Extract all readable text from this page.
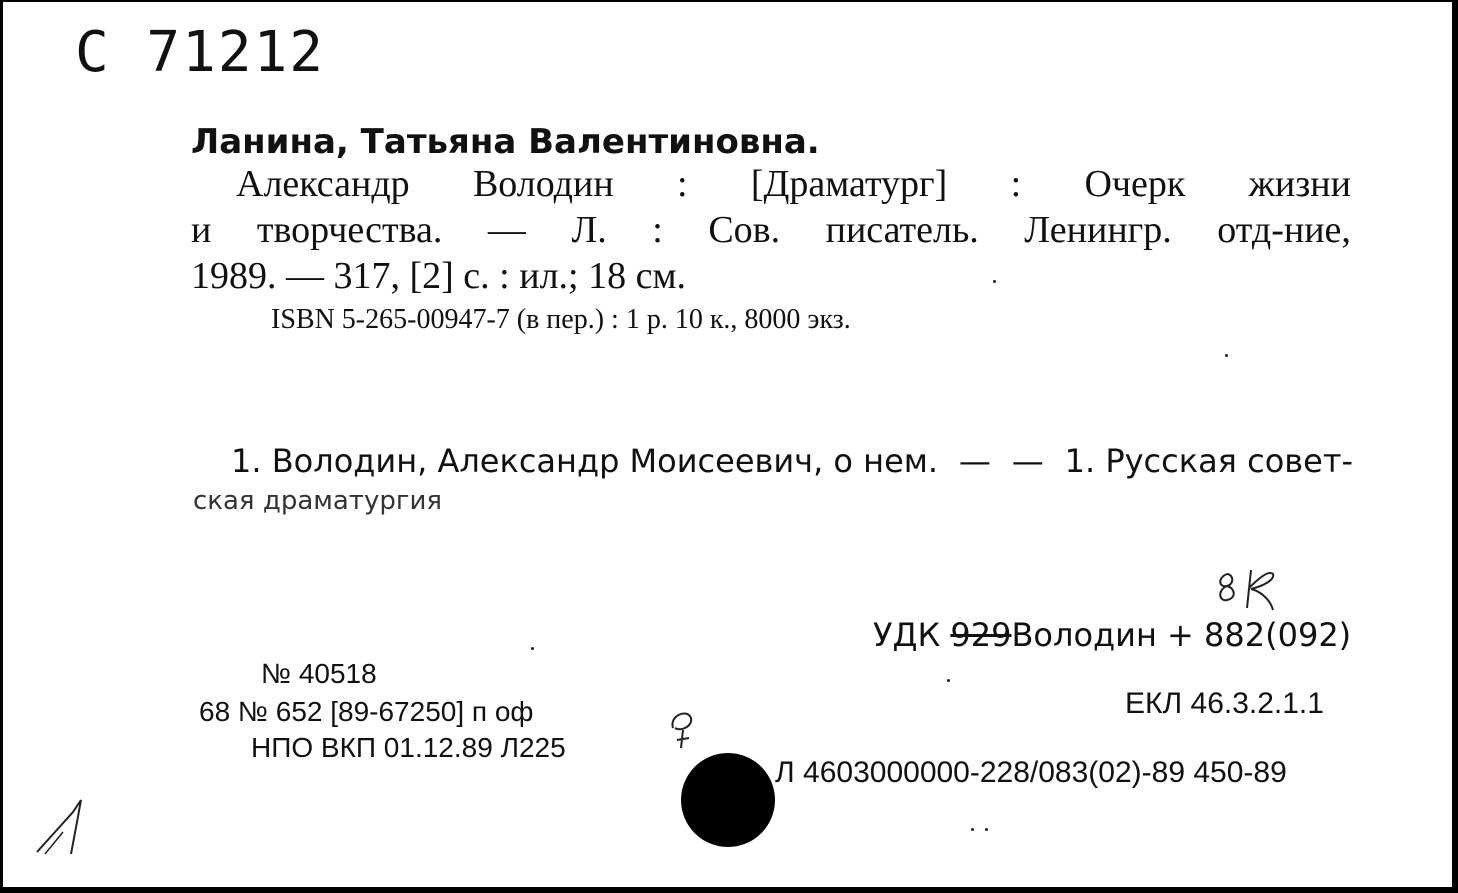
С 71212
Ланина, Татьяна Валентиновна.
Александр Володин : [Драматург] : Очерк жизни
и творчества. — Л. : Сов. писатель. Ленингр. отд-ние,
1989. — 317, [2] с. : ил.; 18 см.
ISBN 5-265-00947-7 (в пер.) : 1 р. 10 к., 8000 экз.
1. Володин, Александр Моисеевич, о нем. — — 1. Русская совет-
ская драматургия
УДК 929Володин + 882(092)
ЕКЛ 46.3.2.1.1
Л 4603000000-228/083(02)-89 450-89
№ 40518
68 № 652 [89-67250] п оф
НПО ВКП 01.12.89 Л225
